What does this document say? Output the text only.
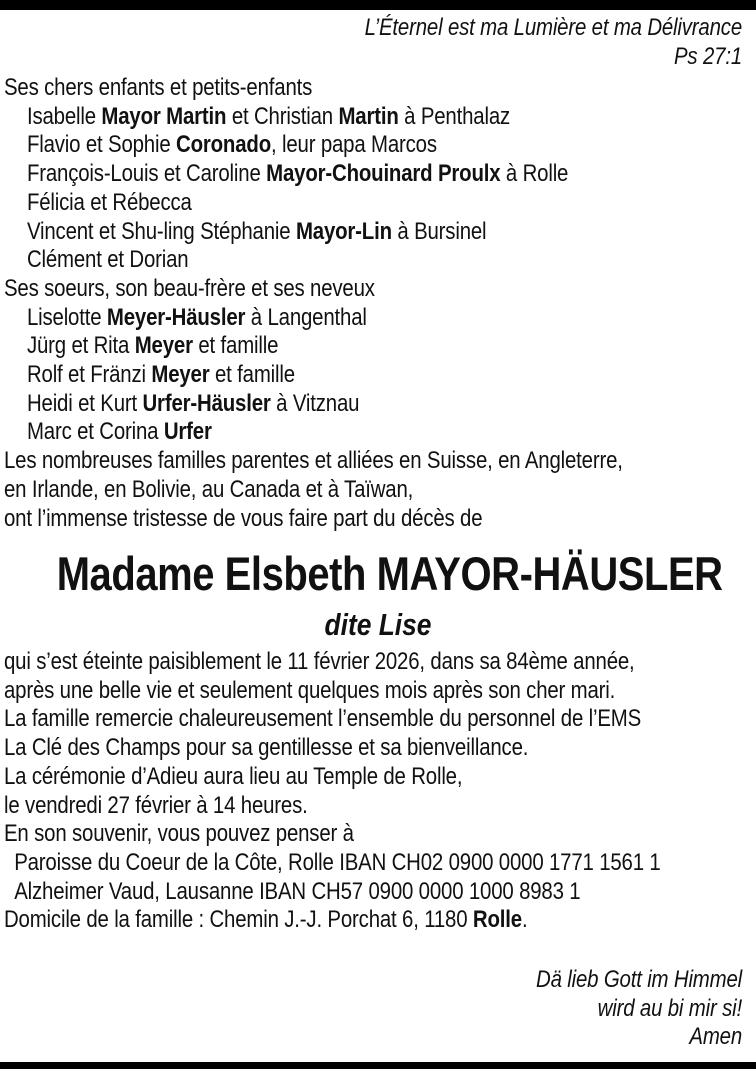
L’Éternel est ma Lumière et ma Délivrance
Ps 27:1
Ses chers enfants et petits-enfants
Isabelle Mayor Martin et Christian Martin à Penthalaz
Flavio et Sophie Coronado, leur papa Marcos
François-Louis et Caroline Mayor-Chouinard Proulx à Rolle
Félicia et Rébecca
Vincent et Shu-ling Stéphanie Mayor-Lin à Bursinel
Clément et Dorian
Ses soeurs, son beau-frère et ses neveux
Liselotte Meyer-Häusler à Langenthal
Jürg et Rita Meyer et famille
Rolf et Fränzi Meyer et famille
Heidi et Kurt Urfer-Häusler à Vitznau
Marc et Corina Urfer
Les nombreuses familles parentes et alliées en Suisse, en Angleterre,
en Irlande, en Bolivie, au Canada et à Taïwan,
ont l’immense tristesse de vous faire part du décès de
Madame Elsbeth MAYOR-HÄUSLER
dite Lise
qui s’est éteinte paisiblement le 11 février 2026, dans sa 84ème année,
après une belle vie et seulement quelques mois après son cher mari.
La famille remercie chaleureusement l’ensemble du personnel de l’EMS
La Clé des Champs pour sa gentillesse et sa bienveillance.
La cérémonie d’Adieu aura lieu au Temple de Rolle,
le vendredi 27 février à 14 heures.
En son souvenir, vous pouvez penser à
Paroisse du Coeur de la Côte, Rolle IBAN CH02 0900 0000 1771 1561 1
Alzheimer Vaud, Lausanne IBAN CH57 0900 0000 1000 8983 1
Domicile de la famille : Chemin J.-J. Porchat 6, 1180 Rolle.
Dä lieb Gott im Himmel
wird au bi mir si!
Amen
